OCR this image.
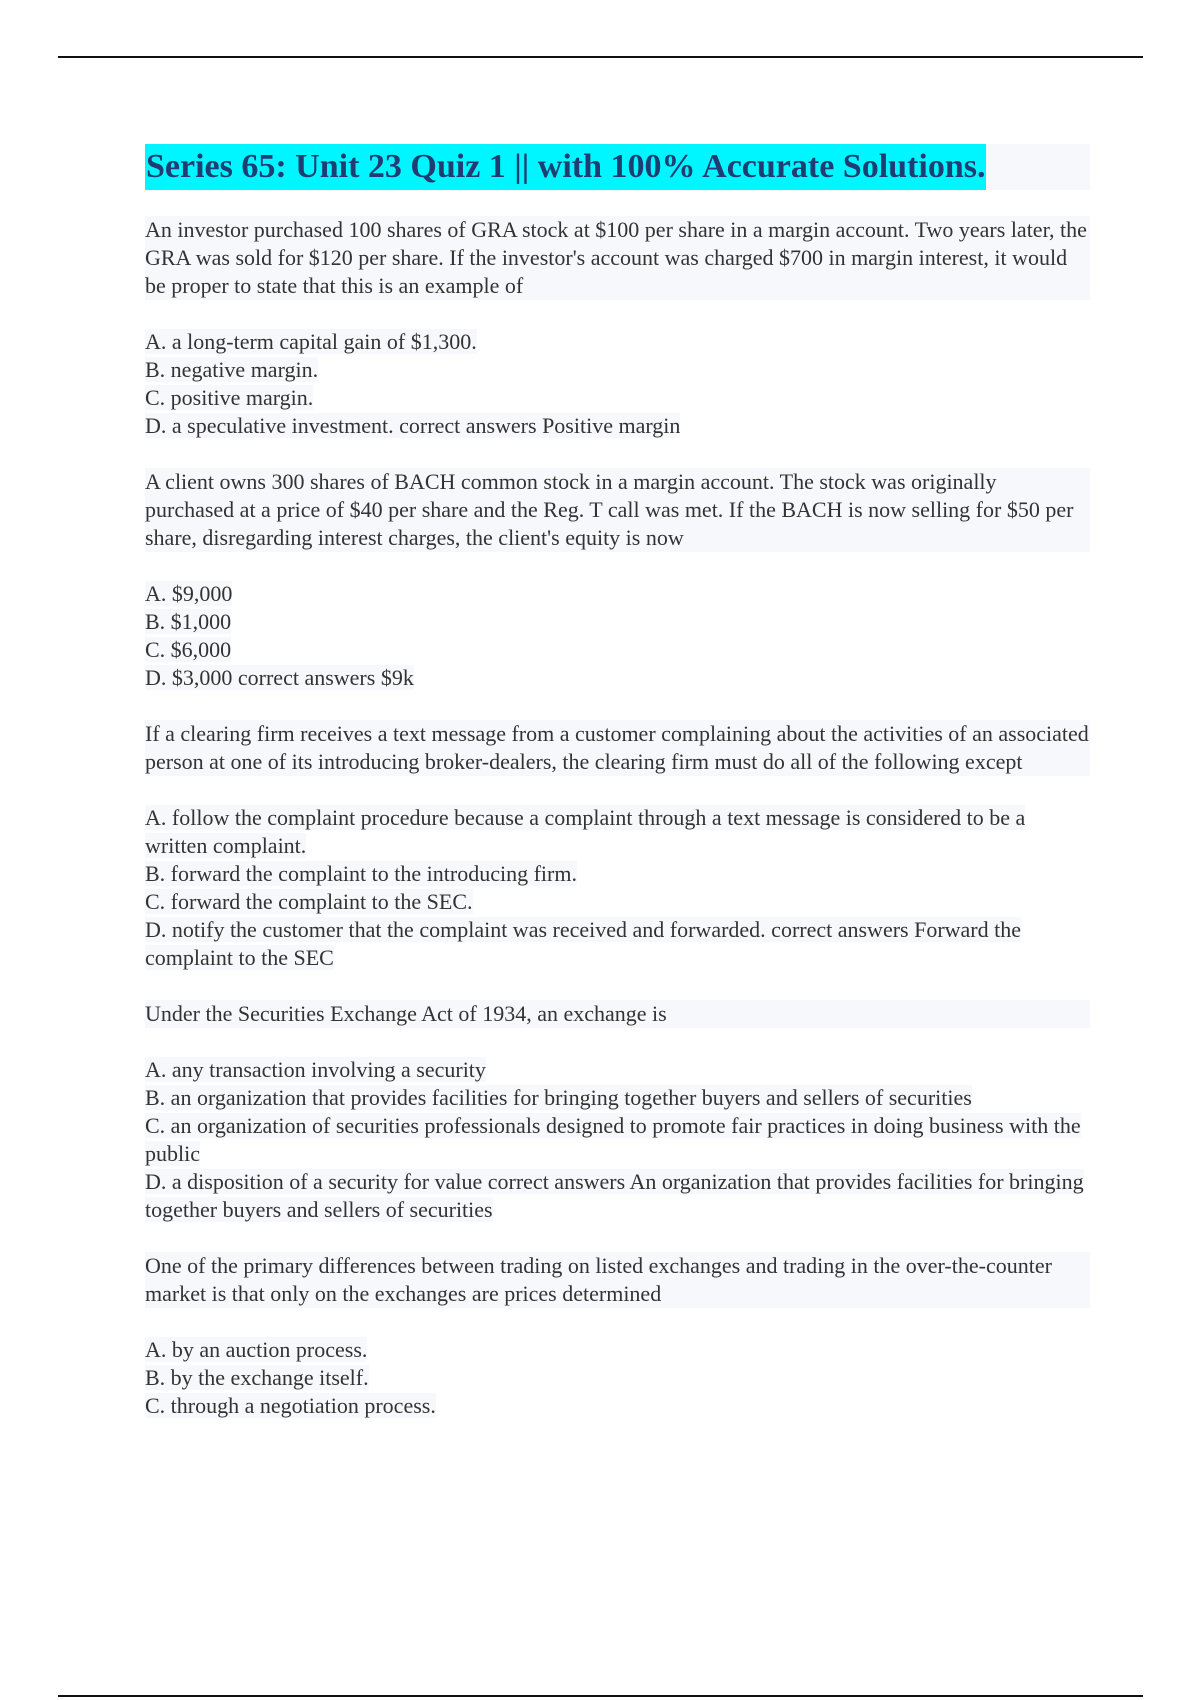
Series 65: Unit 23 Quiz 1 || with 100% Accurate Solutions.

An investor purchased 100 shares of GRA stock at $100 per share in a margin account. Two years later, the GRA was sold for $120 per share. If the investor's account was charged $700 in margin interest, it would be proper to state that this is an example of

A. a long-term capital gain of $1,300.
B. negative margin.
C. positive margin.
D. a speculative investment. correct answers Positive margin

A client owns 300 shares of BACH common stock in a margin account. The stock was originally purchased at a price of $40 per share and the Reg. T call was met. If the BACH is now selling for $50 per share, disregarding interest charges, the client's equity is now

A. $9,000
B. $1,000
C. $6,000
D. $3,000 correct answers $9k

If a clearing firm receives a text message from a customer complaining about the activities of an associated person at one of its introducing broker-dealers, the clearing firm must do all of the following except

A. follow the complaint procedure because a complaint through a text message is considered to be a written complaint.
B. forward the complaint to the introducing firm.
C. forward the complaint to the SEC.
D. notify the customer that the complaint was received and forwarded. correct answers Forward the complaint to the SEC

Under the Securities Exchange Act of 1934, an exchange is

A. any transaction involving a security
B. an organization that provides facilities for bringing together buyers and sellers of securities
C. an organization of securities professionals designed to promote fair practices in doing business with the public
D. a disposition of a security for value correct answers An organization that provides facilities for bringing together buyers and sellers of securities

One of the primary differences between trading on listed exchanges and trading in the over-the-counter market is that only on the exchanges are prices determined

A. by an auction process.
B. by the exchange itself.
C. through a negotiation process.
